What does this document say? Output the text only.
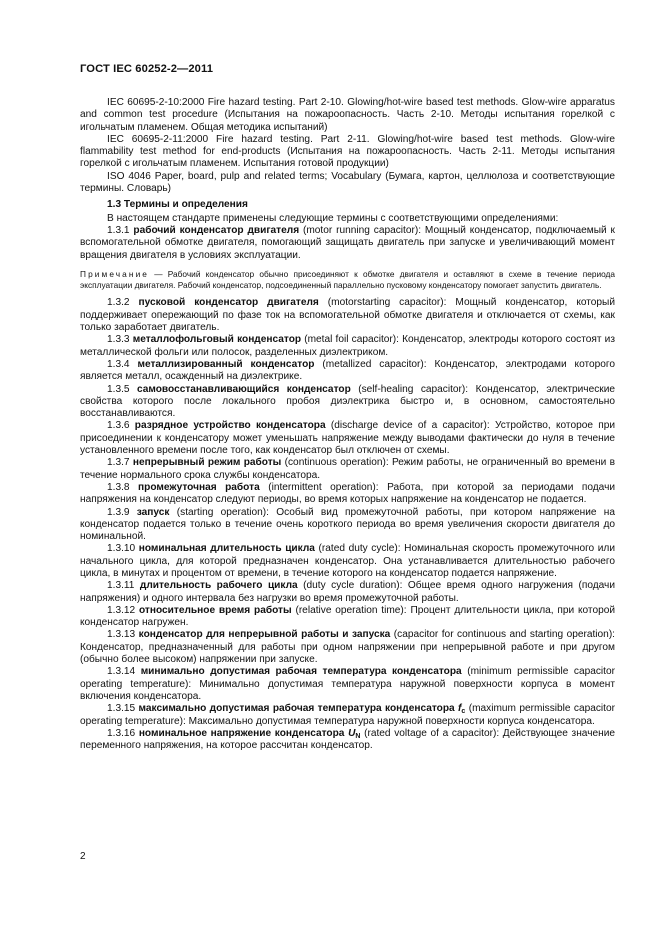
ГОСТ IEC 60252-2—2011

IEC 60695-2-10:2000 Fire hazard testing. Part 2-10. Glowing/hot-wire based test methods. Glow-wire apparatus and common test procedure (Испытания на пожароопасность. Часть 2-10. Методы испытания горелкой с игольчатым пламенем. Общая методика испытаний)

IEC 60695-2-11:2000 Fire hazard testing. Part 2-11. Glowing/hot-wire based test methods. Glow-wire flammability test method for end-products (Испытания на пожароопасность. Часть 2-11. Методы испытания горелкой с игольчатым пламенем. Испытания готовой продукции)

ISO 4046 Paper, board, pulp and related terms; Vocabulary (Бумага, картон, целлюлоза и соответствующие термины. Словарь)

1.3 Термины и определения

В настоящем стандарте применены следующие термины с соответствующими определениями:

1.3.1 рабочий конденсатор двигателя (motor running capacitor): Мощный конденсатор, подключаемый к вспомогательной обмотке двигателя, помогающий защищать двигатель при запуске и увеличивающий момент вращения двигателя в условиях эксплуатации.

Примечание — Рабочий конденсатор обычно присоединяют к обмотке двигателя и оставляют в схеме в течение периода эксплуатации двигателя. Рабочий конденсатор, подсоединенный параллельно пусковому конденсатору помогает запустить двигатель.

1.3.2 пусковой конденсатор двигателя (motorstarting capacitor): Мощный конденсатор, который поддерживает опережающий по фазе ток на вспомогательной обмотке двигателя и отключается от схемы, как только заработает двигатель.

1.3.3 металлофольговый конденсатор (metal foil capacitor): Конденсатор, электроды которого состоят из металлической фольги или полосок, разделенных диэлектриком.

1.3.4 металлизированный конденсатор (metallized capacitor): Конденсатор, электродами которого является металл, осажденный на диэлектрике.

1.3.5 самовосстанавливающийся конденсатор (self-healing capacitor): Конденсатор, электрические свойства которого после локального пробоя диэлектрика быстро и, в основном, самостоятельно восстанавливаются.

1.3.6 разрядное устройство конденсатора (discharge device of a capacitor): Устройство, которое при присоединении к конденсатору может уменьшать напряжение между выводами фактически до нуля в течение установленного времени после того, как конденсатор был отключен от схемы.

1.3.7 непрерывный режим работы (continuous operation): Режим работы, не ограниченный во времени в течение нормального срока службы конденсатора.

1.3.8 промежуточная работа (intermittent operation): Работа, при которой за периодами подачи напряжения на конденсатор следуют периоды, во время которых напряжение на конденсатор не подается.

1.3.9 запуск (starting operation): Особый вид промежуточной работы, при котором напряжение на конденсатор подается только в течение очень короткого периода во время увеличения скорости двигателя до номинальной.

1.3.10 номинальная длительность цикла (rated duty cycle): Номинальная скорость промежуточного или начального цикла, для которой предназначен конденсатор. Она устанавливается длительностью рабочего цикла, в минутах и процентом от времени, в течение которого на конденсатор подается напряжение.

1.3.11 длительность рабочего цикла (duty cycle duration): Общее время одного нагружения (подачи напряжения) и одного интервала без нагрузки во время промежуточной работы.

1.3.12 относительное время работы (relative operation time): Процент длительности цикла, при которой конденсатор нагружен.

1.3.13 конденсатор для непрерывной работы и запуска (capacitor for continuous and starting operation): Конденсатор, предназначенный для работы при одном напряжении при непрерывной работе и при другом (обычно более высоком) напряжении при запуске.

1.3.14 минимально допустимая рабочая температура конденсатора (minimum permissible capacitor operating temperature): Минимально допустимая температура наружной поверхности корпуса в момент включения конденсатора.

1.3.15 максимально допустимая рабочая температура конденсатора $f_c$ (maximum permissible capacitor operating temperature): Максимально допустимая температура наружной поверхности корпуса конденсатора.

1.3.16 номинальное напряжение конденсатора $U_N$ (rated voltage of a capacitor): Действующее значение переменного напряжения, на которое рассчитан конденсатор.

2
